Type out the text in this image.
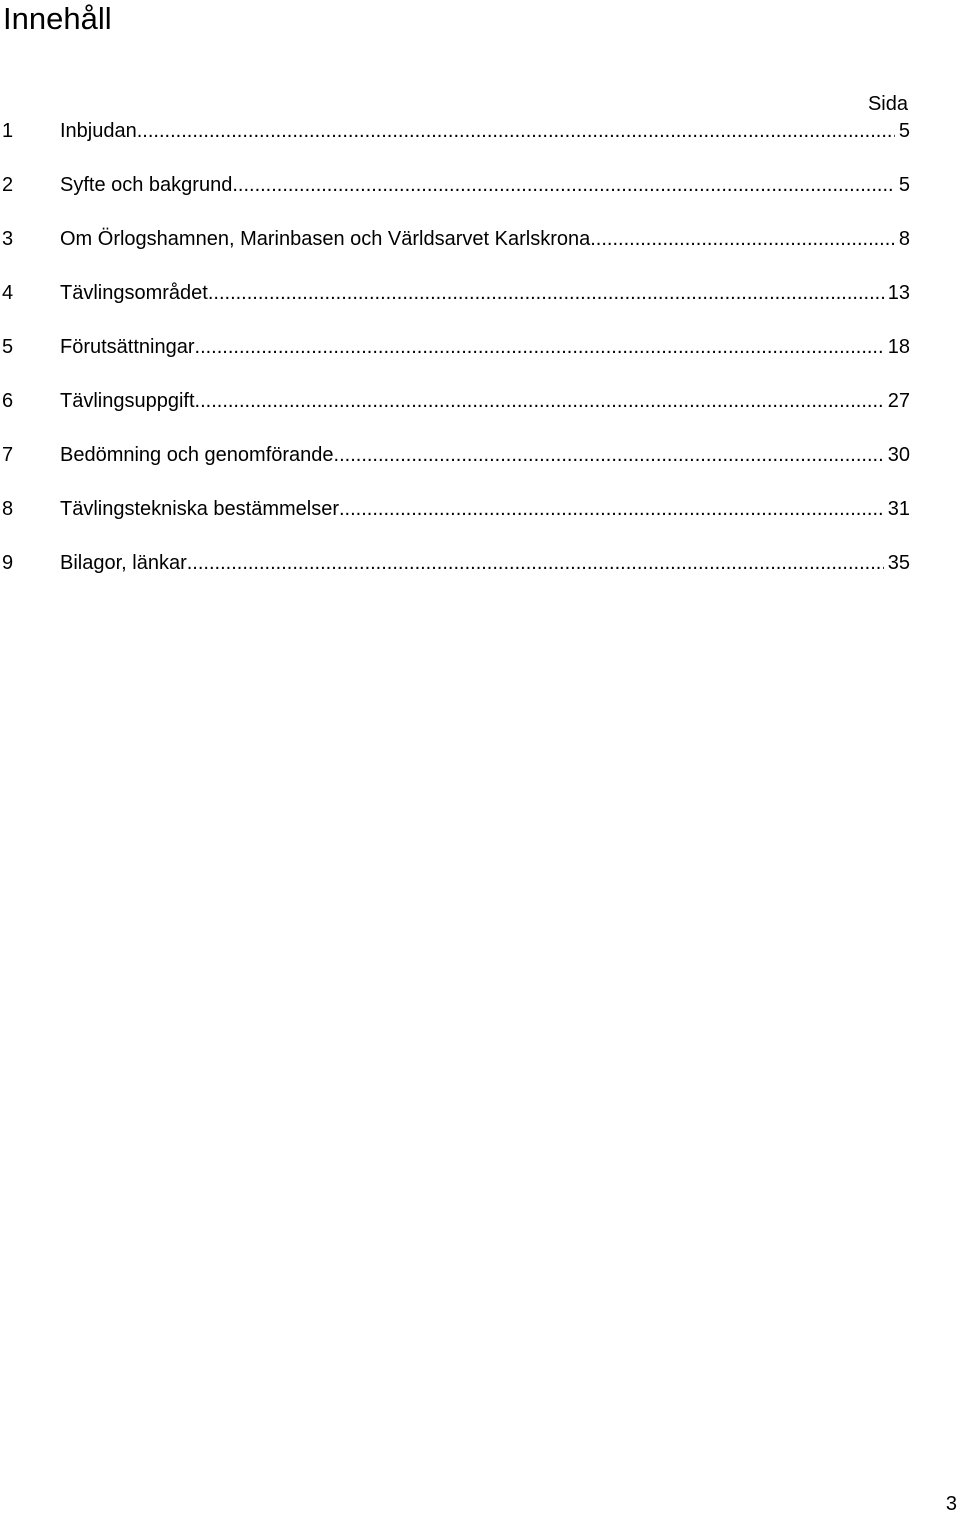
Innehåll
Sida
1	Inbjudan .....	5
2	Syfte och bakgrund .....	5
3	Om Örlogshamnen, Marinbasen och Världsarvet Karlskrona .....	8
4	Tävlingsområdet .....	13
5	Förutsättningar .....	18
6	Tävlingsuppgift .....	27
7	Bedömning och genomförande .....	30
8	Tävlingstekniska bestämmelser .....	31
9	Bilagor, länkar .....	35
3
